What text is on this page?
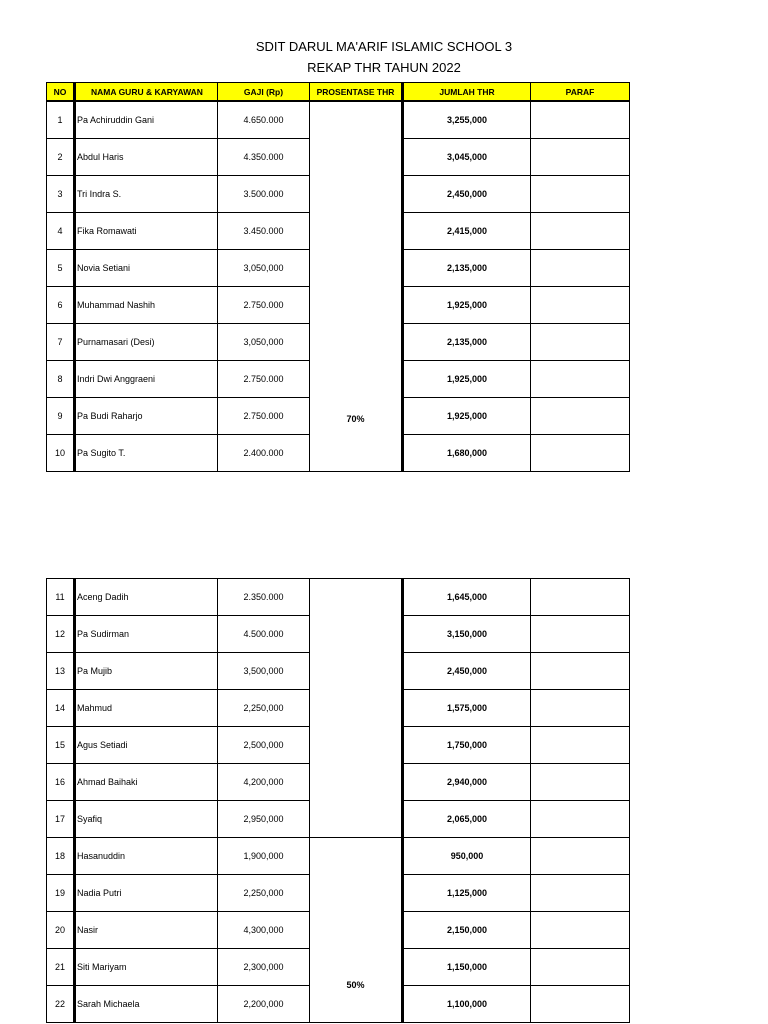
SDIT DARUL MA'ARIF ISLAMIC SCHOOL 3
REKAP THR TAHUN 2022
NO	NAMA GURU & KARYAWAN	GAJI (Rp)	PROSENTASE THR	JUMLAH THR	PARAF
1	Pa Achiruddin Gani	4.650.000	70%	3,255,000	
2	Abdul Haris	4.350.000		3,045,000	
3	Tri Indra S.	3.500.000		2,450,000	
4	Fika Romawati	3.450.000		2,415,000	
5	Novia Setiani	3,050,000		2,135,000	
6	Muhammad Nashih	2.750.000		1,925,000	
7	Purnamasari (Desi)	3,050,000		2,135,000	
8	Indri Dwi Anggraeni	2.750.000		1,925,000	
9	Pa Budi Raharjo	2.750.000		1,925,000	
10	Pa Sugito T.	2.400.000		1,680,000	
11	Aceng Dadih	2.350.000		1,645,000	
12	Pa Sudirman	4.500.000		3,150,000	
13	Pa Mujib	3,500,000		2,450,000	
14	Mahmud	2,250,000		1,575,000	
15	Agus Setiadi	2,500,000		1,750,000	
16	Ahmad Baihaki	4,200,000		2,940,000	
17	Syafiq	2,950,000		2,065,000	
18	Hasanuddin	1,900,000	50%	950,000	
19	Nadia Putri	2,250,000		1,125,000	
20	Nasir	4,300,000		2,150,000	
21	Siti Mariyam	2,300,000		1,150,000	
22	Sarah Michaela	2,200,000		1,100,000	
